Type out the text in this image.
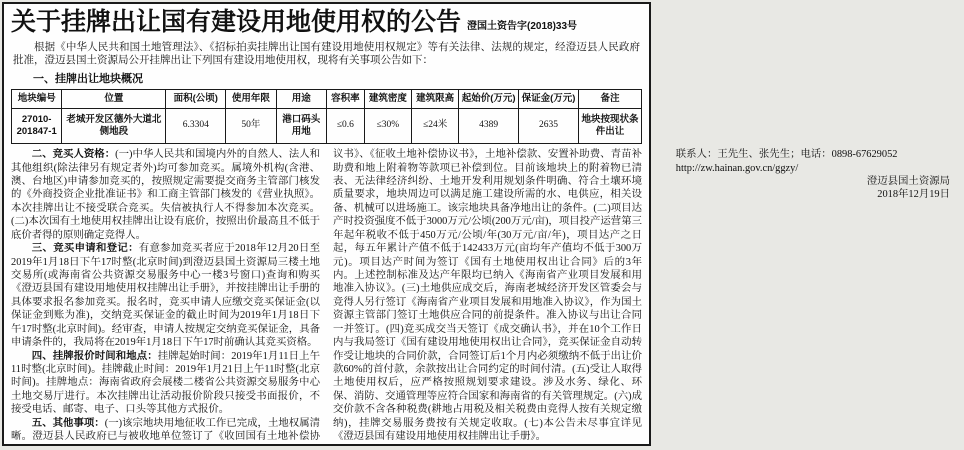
关于挂牌出让国有建设用地使用权的公告 澄国土资告字(2018)33号
根据《中华人民共和国土地管理法》、《招标拍卖挂牌出让国有建设用地使用权规定》等有关法律、法规的规定，经澄迈县人民政府批准，澄迈县国土资源局公开挂牌出让下列国有建设用地使用权，现将有关事项公告如下：
一、挂牌出让地块概况
地块编号	位置	面积(公顷)	使用年限	用途	容积率	建筑密度	建筑限高	起始价(万元)	保证金(万元)	备注
27010-201847-1	老城开发区德外大道北侧地段	6.3304	50年	港口码头用地	≤0.6	≤30%	≤24米	4389	2635	地块按现状条件出让

二、竞买人资格：(一)中华人民共和国境内外的自然人、法人和其他组织(除法律另有规定者外)均可参加竞买。属境外机构(含港、澳、台地区)申请参加竞买的，按照规定需要提交商务主管部门核发的《外商投资企业批准证书》和工商主管部门核发的《营业执照》。本次挂牌出让不接受联合竞买。失信被执行人不得参加本次竞买。(二)本次国有土地使用权挂牌出让设有底价，按照出价最高且不低于底价者得的原则确定竞得人。

三、竞买申请和登记：有意参加竞买者应于2018年12月20日至2019年1月18日下午17时整(北京时间)到澄迈县国土资源局三楼土地交易所(或海南省公共资源交易服务中心一楼3号窗口)查询和购买《澄迈县国有建设用地使用权挂牌出让手册》，并按挂牌出让手册的具体要求报名参加竞买。报名时，竞买申请人应缴交竞买保证金(以保证金到账为准)，交纳竞买保证金的截止时间为2019年1月18日下午17时整(北京时间)。经审查，申请人按规定交纳竞买保证金，具备申请条件的，我局将在2019年1月18日下午17时前确认其竞买资格。

四、挂牌报价时间和地点：挂牌起始时间：2019年1月11日上午11时整(北京时间)。挂牌截止时间：2019年1月21日上午11时整(北京时间)。挂牌地点：海南省政府会展楼二楼省公共资源交易服务中心土地交易厅进行。本次挂牌出让活动报价阶段只接受书面报价，不接受电话、邮寄、电子、口头等其他方式报价。

五、其他事项：(一)该宗地块用地征收工作已完成，土地权属清晰。澄迈县人民政府已与被收地单位签订了《收回国有土地补偿协议书》、《征收土地补偿协议书》，土地补偿款、安置补助费、青苗补助费和地上附着物等款项已补偿到位。目前该地块上的附着物已清表、无法律经济纠纷、土地开发利用规划条件明确、符合土壤环境质量要求，地块周边可以满足施工建设所需的水、电供应，相关设备、机械可以进场施工。该宗地块具备净地出让的条件。(二)项目达产时投资强度不低于3000万元/公顷(200万元/亩)，项目投产运营第三年起年税收不低于450万元/公顷/年(30万元/亩/年)，项目达产之日起，每五年累计产值不低于142433万元(亩均年产值均不低于300万元)。项目达产时间为签订《国有土地使用权出让合同》后的3年内。上述控制标准及达产年限均已纳入《海南省产业项目发展和用地准入协议》。(三)土地供应成交后，海南老城经济开发区管委会与竞得人另行签订《海南省产业项目发展和用地准入协议》，作为国土资源主管部门签订土地供应合同的前提条件。准入协议与出让合同一并签订。(四)竞买成交当天签订《成交确认书》，并在10个工作日内与我局签订《国有建设用地使用权出让合同》，竞买保证金自动转作受让地块的合同价款，合同签订后1个月内必须缴纳不低于出让价款60%的首付款，余款按出让合同约定的时间付清。(五)受让人取得土地使用权后，应严格按照规划要求建设。涉及水务、绿化、环保、消防、交通管理等应符合国家和海南省的有关管理规定。(六)成交价款不含各种税费(耕地占用税及相关税费由竞得人按有关规定缴纳)，挂牌交易服务费按有关规定收取。(七)本公告未尽事宜详见《澄迈县国有建设用地使用权挂牌出让手册》。

联系人：王先生、张先生；电话：0898-67629052

http://zw.hainan.gov.cn/ggzy/

澄迈县国土资源局

2018年12月19日
